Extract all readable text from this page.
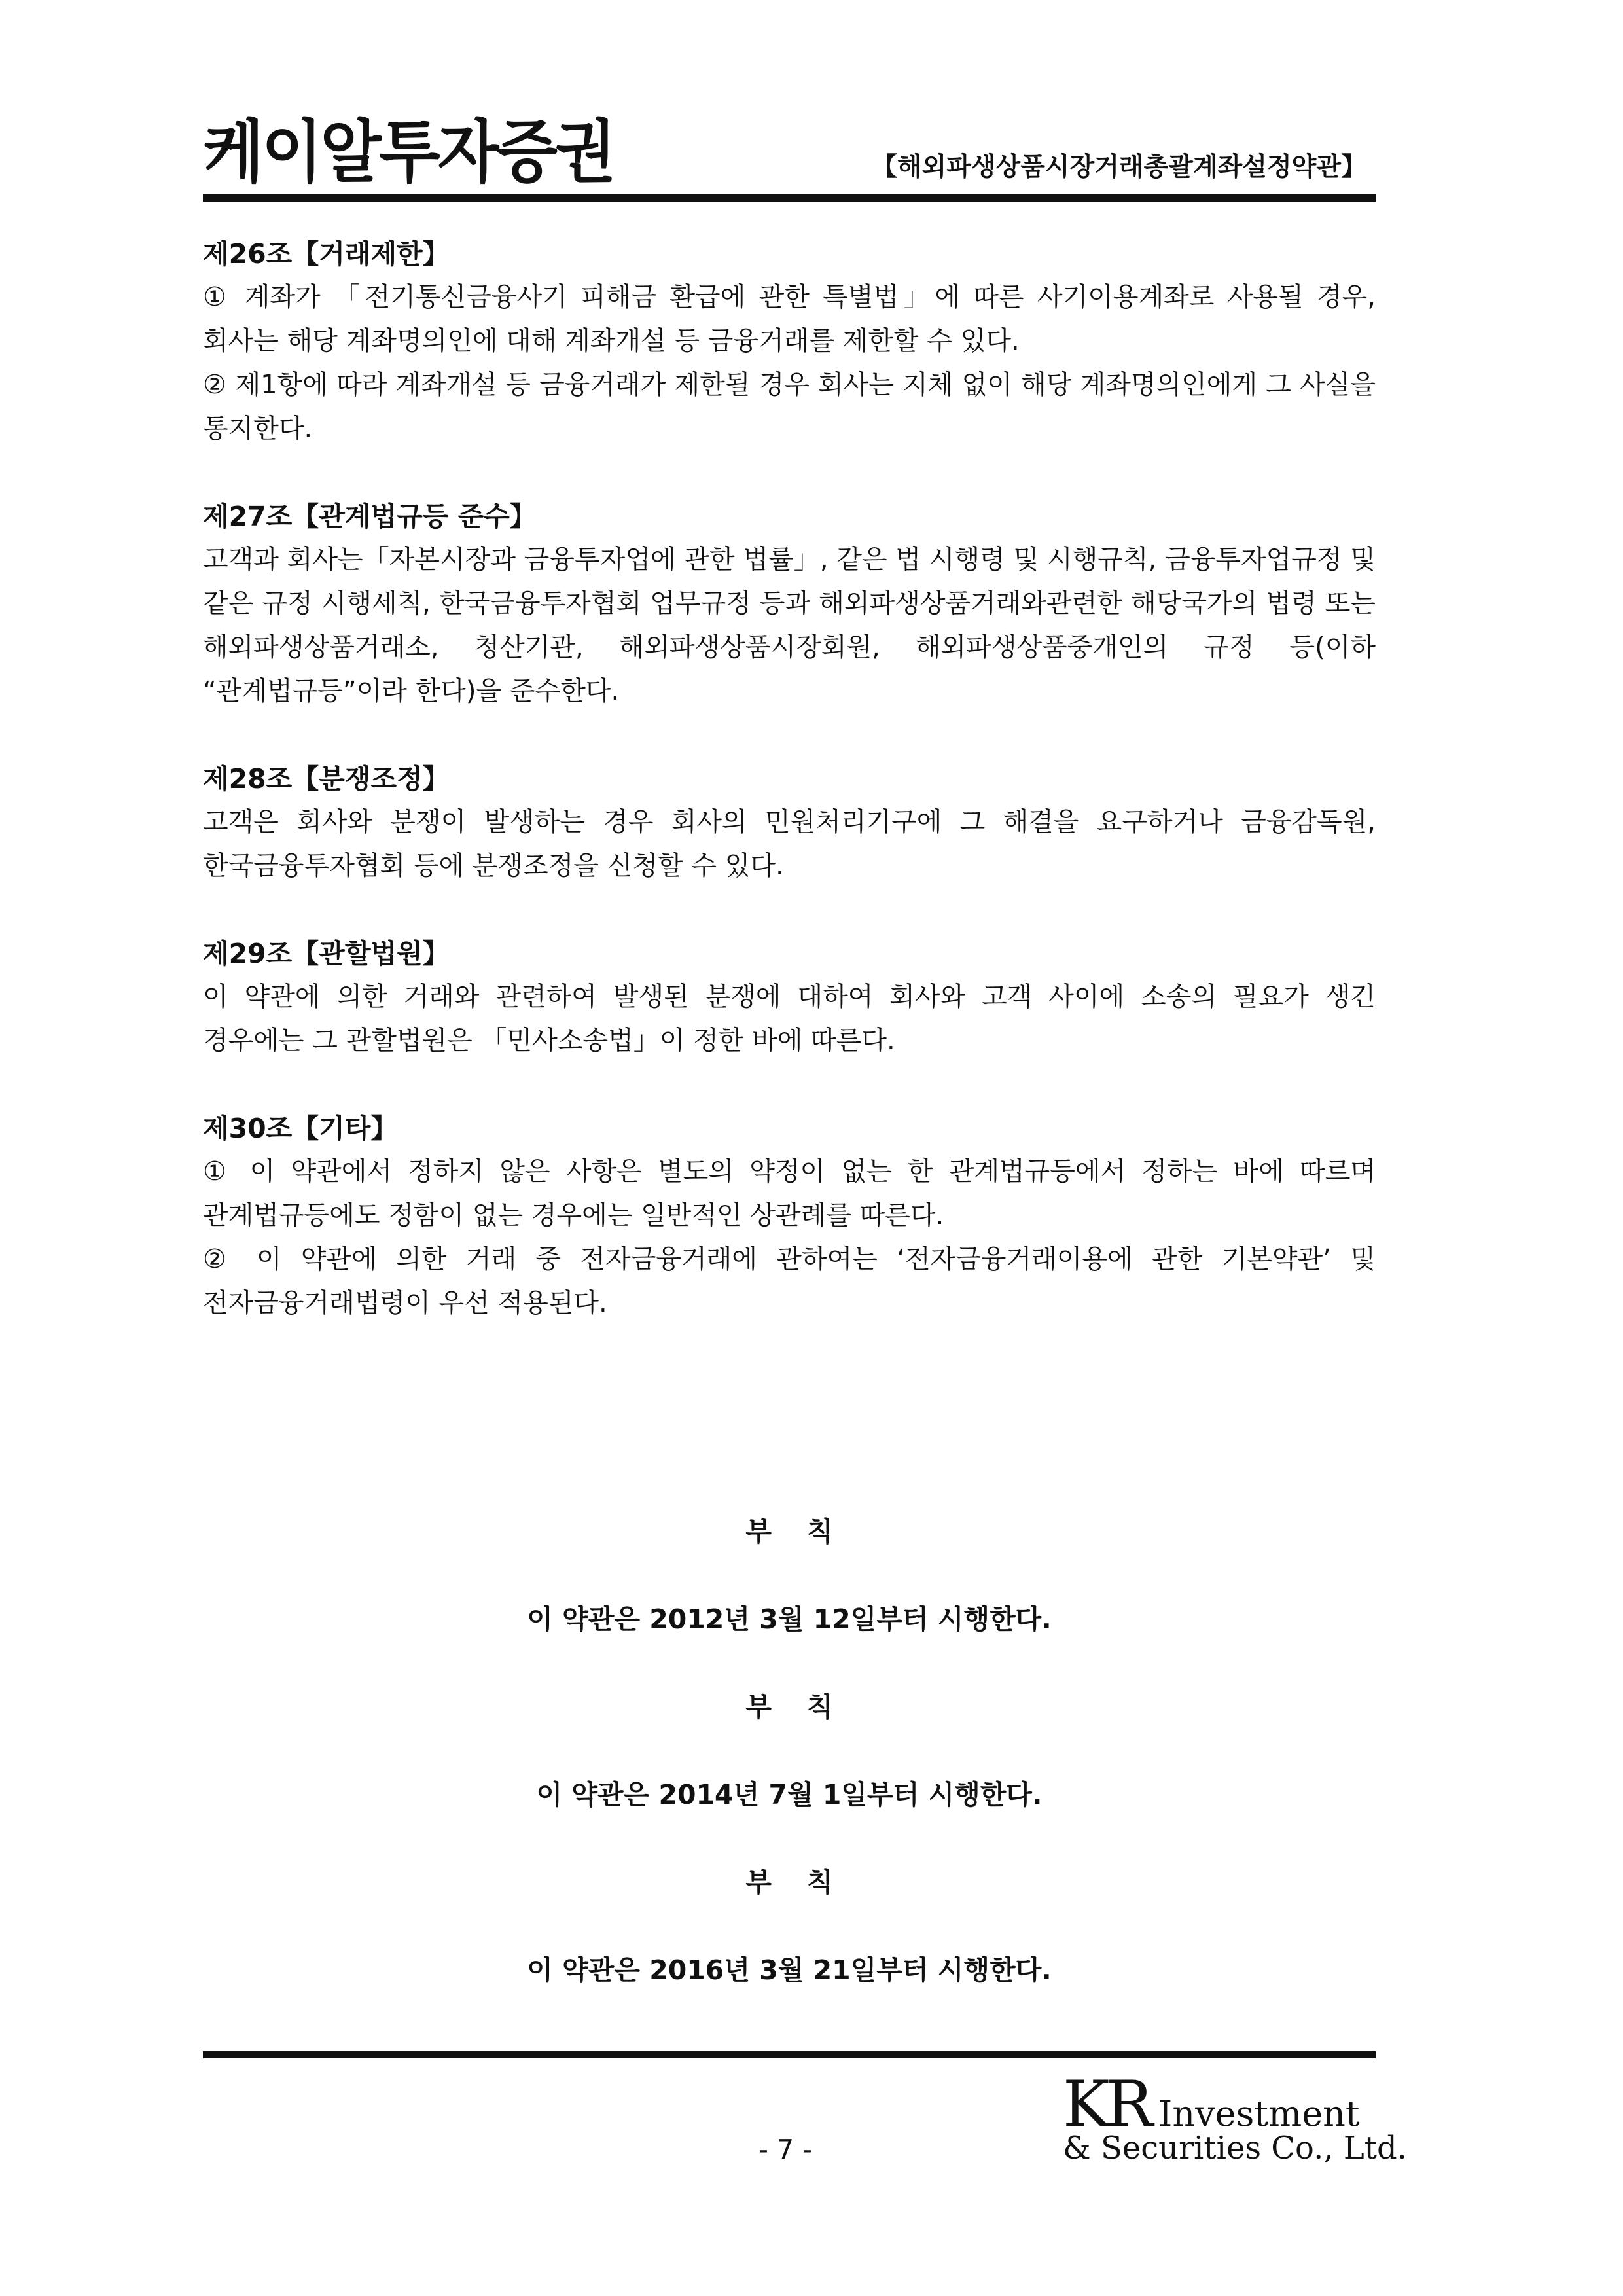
케이알투자증권	【해외파생상품시장거래총괄계좌설정약관】
제26조【거래제한】
① 계좌가 「전기통신금융사기 피해금 환급에 관한 특별법」에 따른 사기이용계좌로 사용될 경우, 회사는 해당 계좌명의인에 대해 계좌개설 등 금융거래를 제한할 수 있다.
② 제1항에 따라 계좌개설 등 금융거래가 제한될 경우 회사는 지체 없이 해당 계좌명의인에게 그 사실을 통지한다.
제27조【관계법규등 준수】
고객과 회사는「자본시장과 금융투자업에 관한 법률」, 같은 법 시행령 및 시행규칙, 금융투자업규정 및 같은 규정 시행세칙, 한국금융투자협회 업무규정 등과 해외파생상품거래와관련한 해당국가의 법령 또는 해외파생상품거래소, 청산기관, 해외파생상품시장회원, 해외파생상품중개인의 규정 등(이하 “관계법규등”이라 한다)을 준수한다.
제28조【분쟁조정】
고객은 회사와 분쟁이 발생하는 경우 회사의 민원처리기구에 그 해결을 요구하거나 금융감독원, 한국금융투자협회 등에 분쟁조정을 신청할 수 있다.
제29조【관할법원】
이 약관에 의한 거래와 관련하여 발생된 분쟁에 대하여 회사와 고객 사이에 소송의 필요가 생긴 경우에는 그 관할법원은 「민사소송법」이 정한 바에 따른다.
제30조【기타】
① 이 약관에서 정하지 않은 사항은 별도의 약정이 없는 한 관계법규등에서 정하는 바에 따르며 관계법규등에도 정함이 없는 경우에는 일반적인 상관례를 따른다.
② 이 약관에 의한 거래 중 전자금융거래에 관하여는 ‘전자금융거래이용에 관한 기본약관’ 및 전자금융거래법령이 우선 적용된다.
부칙
이 약관은 2012년 3월 12일부터 시행한다.
부칙
이 약관은 2014년 7월 1일부터 시행한다.
부칙
이 약관은 2016년 3월 21일부터 시행한다.
- 7 -
KR Investment
& Securities Co., Ltd.
